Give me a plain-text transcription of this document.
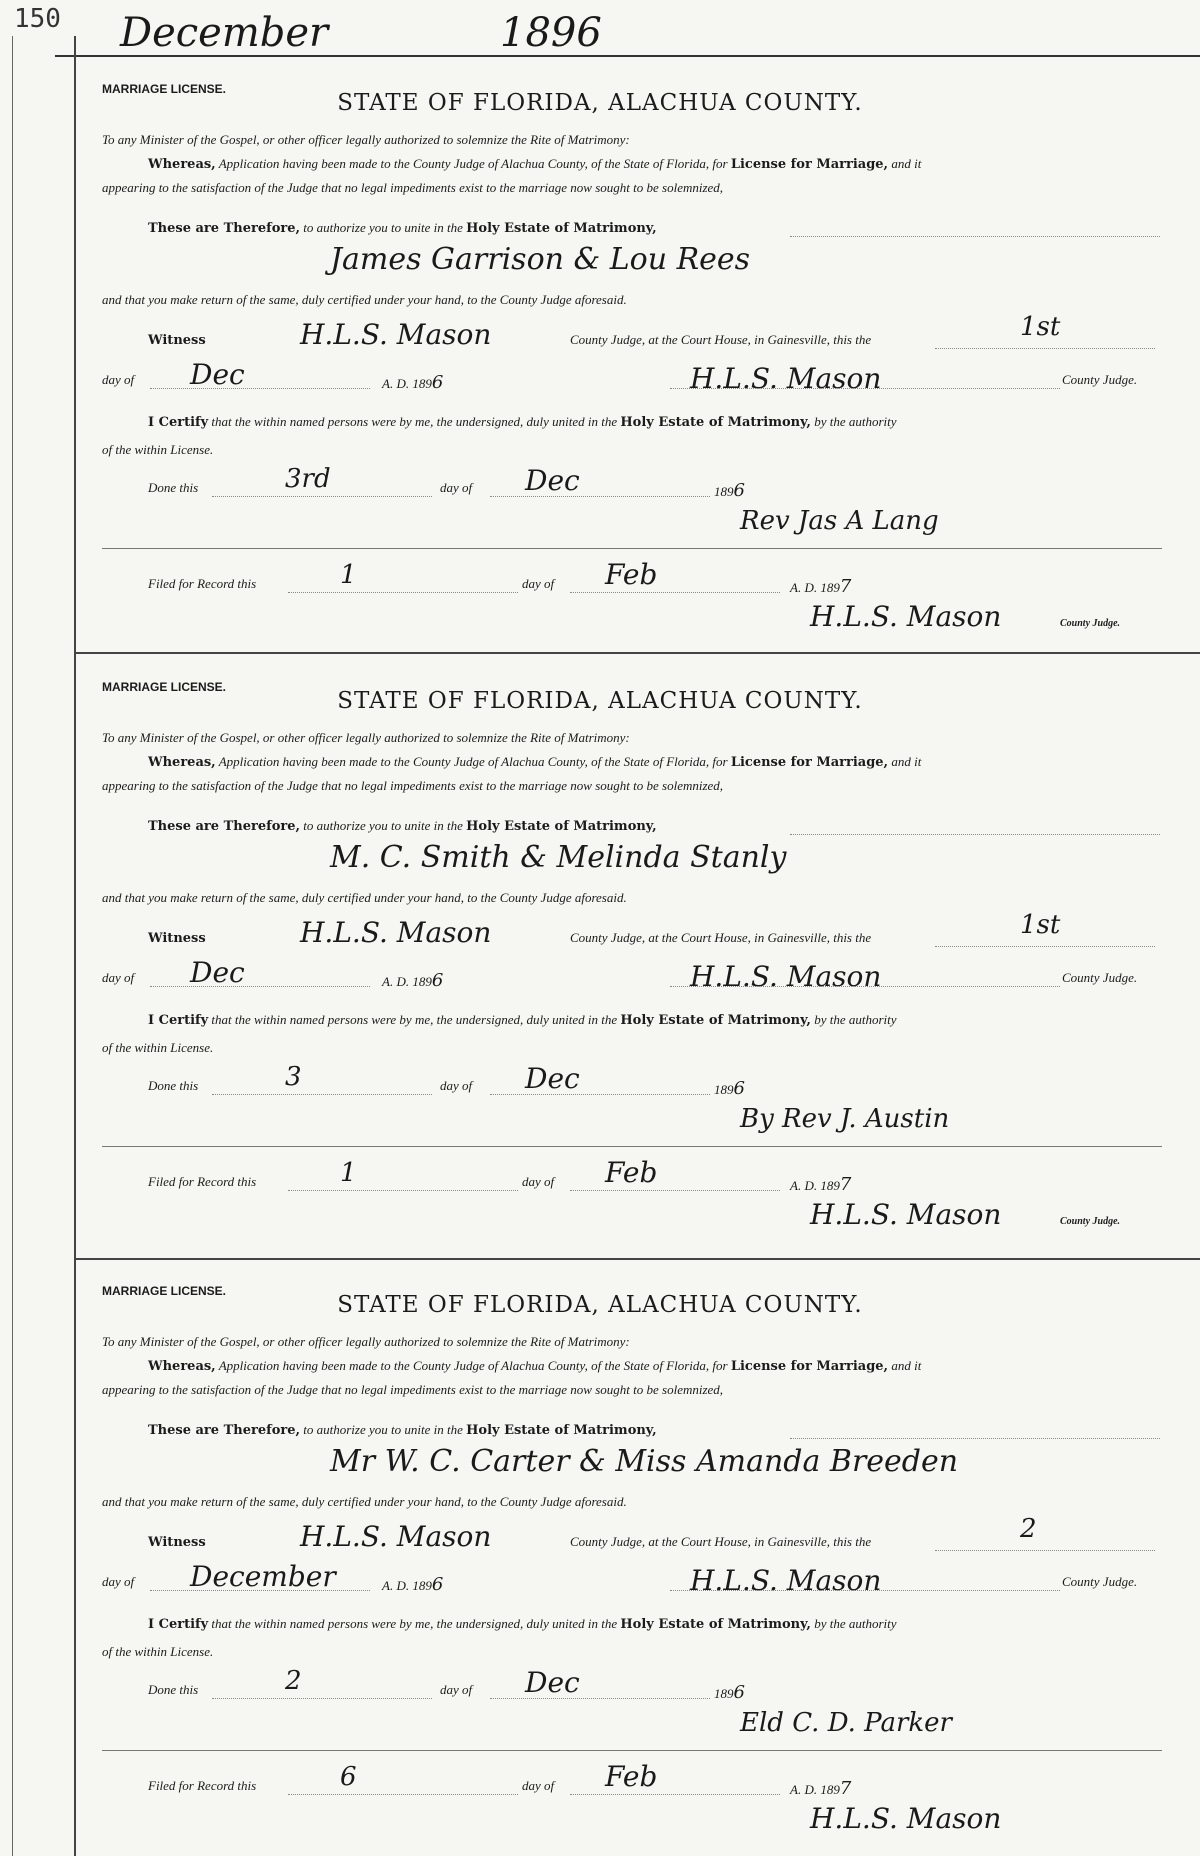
150 December	1896
MARRIAGE LICENSE.
STATE OF FLORIDA, ALACHUA COUNTY.
To any Minister of the Gospel, or other officer legally authorized to solemnize the Rite of Matrimony:
Whereas, Application having been made to the County Judge of Alachua County, of the State of Florida, for License for Marriage, and it
appearing to the satisfaction of the Judge that no legal impediments exist to the marriage now sought to be solemnized,
These are Therefore, to authorize you to unite in the Holy Estate of Matrimony,
James Garrison & Lou Rees
and that you make return of the same, duly certified under your hand, to the County Judge aforesaid.
Witness	H.L.S. Mason	County Judge, at the Court House, in Gainesville, this the	1st
day of Dec	A. D. 1896	H.L.S. Mason	County Judge.
I Certify that the within named persons were by me, the undersigned, duly united in the Holy Estate of Matrimony, by the authority
of the within License.
Done this	3rd	day of Dec	1896
Rev Jas A Lang
Filed for Record this	1	day of Feb	A. D. 1897
H.L.S. Mason	County Judge.
MARRIAGE LICENSE.
STATE OF FLORIDA, ALACHUA COUNTY.
To any Minister of the Gospel, or other officer legally authorized to solemnize the Rite of Matrimony:
Whereas, Application having been made to the County Judge of Alachua County, of the State of Florida, for License for Marriage, and it
appearing to the satisfaction of the Judge that no legal impediments exist to the marriage now sought to be solemnized,
These are Therefore, to authorize you to unite in the Holy Estate of Matrimony,
M. C. Smith & Melinda Stanly
and that you make return of the same, duly certified under your hand, to the County Judge aforesaid.
Witness	H.L.S. Mason	County Judge, at the Court House, in Gainesville, this the	1st
day of Dec	A. D. 1896	H.L.S. Mason	County Judge.
I Certify that the within named persons were by me, the undersigned, duly united in the Holy Estate of Matrimony, by the authority
of the within License.
Done this	3	day of Dec	1896
By Rev J. Austin
Filed for Record this	1	day of Feb	A. D. 1897
H.L.S. Mason	County Judge.
MARRIAGE LICENSE.
STATE OF FLORIDA, ALACHUA COUNTY.
To any Minister of the Gospel, or other officer legally authorized to solemnize the Rite of Matrimony:
Whereas, Application having been made to the County Judge of Alachua County, of the State of Florida, for License for Marriage, and it
appearing to the satisfaction of the Judge that no legal impediments exist to the marriage now sought to be solemnized,
These are Therefore, to authorize you to unite in the Holy Estate of Matrimony,
Mr W. C. Carter & Miss Amanda Breeden
and that you make return of the same, duly certified under your hand, to the County Judge aforesaid.
Witness	H.L.S. Mason	County Judge, at the Court House, in Gainesville, this the	2
day of December	A. D. 1896	H.L.S. Mason	County Judge.
I Certify that the within named persons were by me, the undersigned, duly united in the Holy Estate of Matrimony, by the authority
of the within License.
Done this	2	day of Dec	1896
Eld C. D. Parker
Filed for Record this	6	day of Feb	A. D. 1897
H.L.S. Mason
